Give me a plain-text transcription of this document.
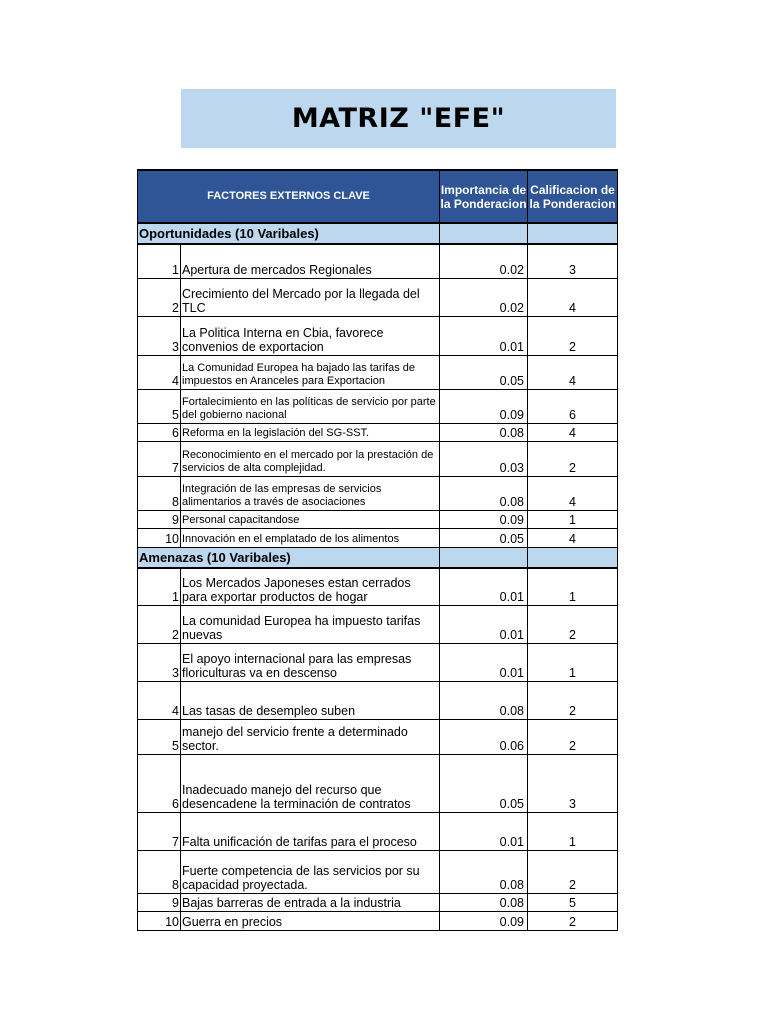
MATRIZ "EFE"
FACTORES EXTERNOS CLAVE		Importancia de la Ponderacion	Calificacion de la Ponderacion
Oportunidades (10 Varibales)			
1	Apertura de mercados Regionales	0.02	3
2	Crecimiento del Mercado por la llegada del TLC	0.02	4
3	La Politica Interna en Cbia, favorece convenios de exportacion	0.01	2
4	La Comunidad Europea ha bajado las tarifas de impuestos en Aranceles para Exportacion	0.05	4
5	Fortalecimiento en las políticas de servicio por parte del gobierno nacional	0.09	6
6	Reforma en la legislación del SG-SST.	0.08	4
7	Reconocimiento en el mercado por la prestación de servicios de alta complejidad.	0.03	2
8	Integración de las empresas de servicios alimentarios a través de asociaciones	0.08	4
9	Personal capacitandose	0.09	1
10	Innovación en el emplatado de los alimentos	0.05	4
Amenazas (10 Varibales)			
1	Los Mercados Japoneses estan cerrados para exportar productos de hogar	0.01	1
2	La comunidad Europea ha impuesto tarifas nuevas	0.01	2
3	El apoyo internacional para las empresas floriculturas va en descenso	0.01	1
4	Las tasas de desempleo suben	0.08	2
5	manejo del servicio frente a determinado sector.	0.06	2
6	Inadecuado manejo del recurso que desencadene la terminación de contratos	0.05	3
7	Falta unificación de tarifas para el proceso	0.01	1
8	Fuerte competencia de las servicios por su capacidad proyectada.	0.08	2
9	Bajas barreras de entrada a la industria	0.08	5
10	Guerra en precios	0.09	2
